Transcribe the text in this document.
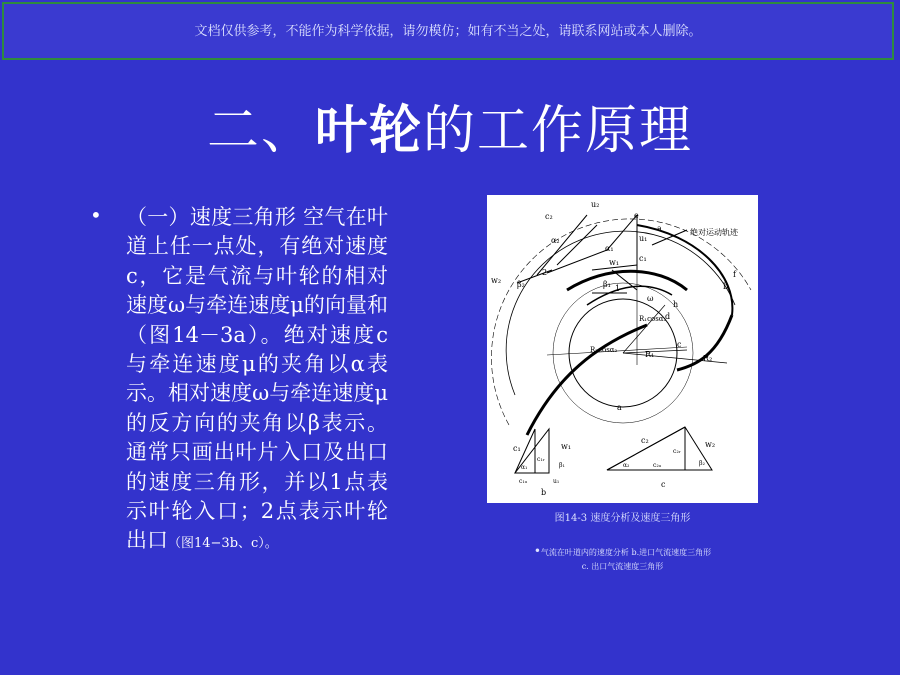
文档仅供参考，不能作为科学依据，请勿模仿；如有不当之处，请联系网站或本人删除。
二、叶轮的工作原理
• （一）速度三角形 空气在叶道上任一点处，有绝对速度c，它是气流与叶轮的相对速度ω与牵连速度μ的向量和（图14－3a）。绝对速度c与牵连速度μ的夹角以α表示。相对速度ω与牵连速度μ的反方向的夹角以β表示。通常只画出叶片入口及出口的速度三角形，并以1点表示叶轮入口；2点表示叶轮出口（图14−3b、c）。
绝对运动轨迹
R₁cosα₁
R₂cosα₂	R₁	R₂
u₂
c₂
w₂
α₂
β₂
u₁
c₁
w₁
α₁
β₁ 1
2
ω
e
a
b
f
h
d
c
a
c₁	w₁
c₁ᵣ
α₁	β₁
c₁ᵤ	u₁
b
c₂	w₂
c₂ᵣ
α₂	c₂ᵤ	β₂
c
图14-3 速度分析及速度三角形
•气流在叶道内的速度分析 b.进口气流速度三角形
c. 出口气流速度三角形
